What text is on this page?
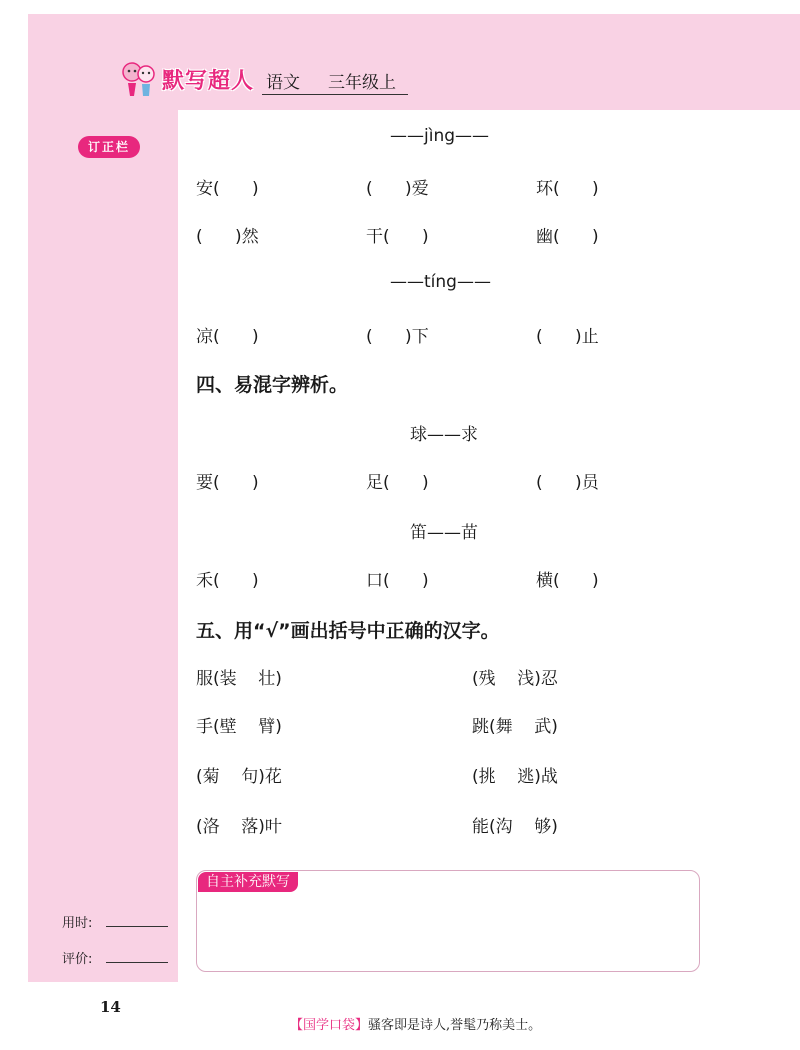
默写超人 语文 三年级上
订正栏
——jìng——
安(      )	(      )爱	环(      )
(      )然	干(      )	幽(      )
——tíng——
凉(      )	(      )下	(      )止
四、易混字辨析。
球——求
要(      )	足(      )	(      )员
笛——苗
禾(      )	口(      )	横(      )
五、用“√”画出括号中正确的汉字。
服(装    壮)	(残    浅)忍
手(壁    臂)	跳(舞    武)
(菊    句)花	(挑    逃)战
(洛    落)叶	能(沟    够)
自主补充默写
用时:
评价:
14
【国学口袋】骚客即是诗人,誉髦乃称美士。
